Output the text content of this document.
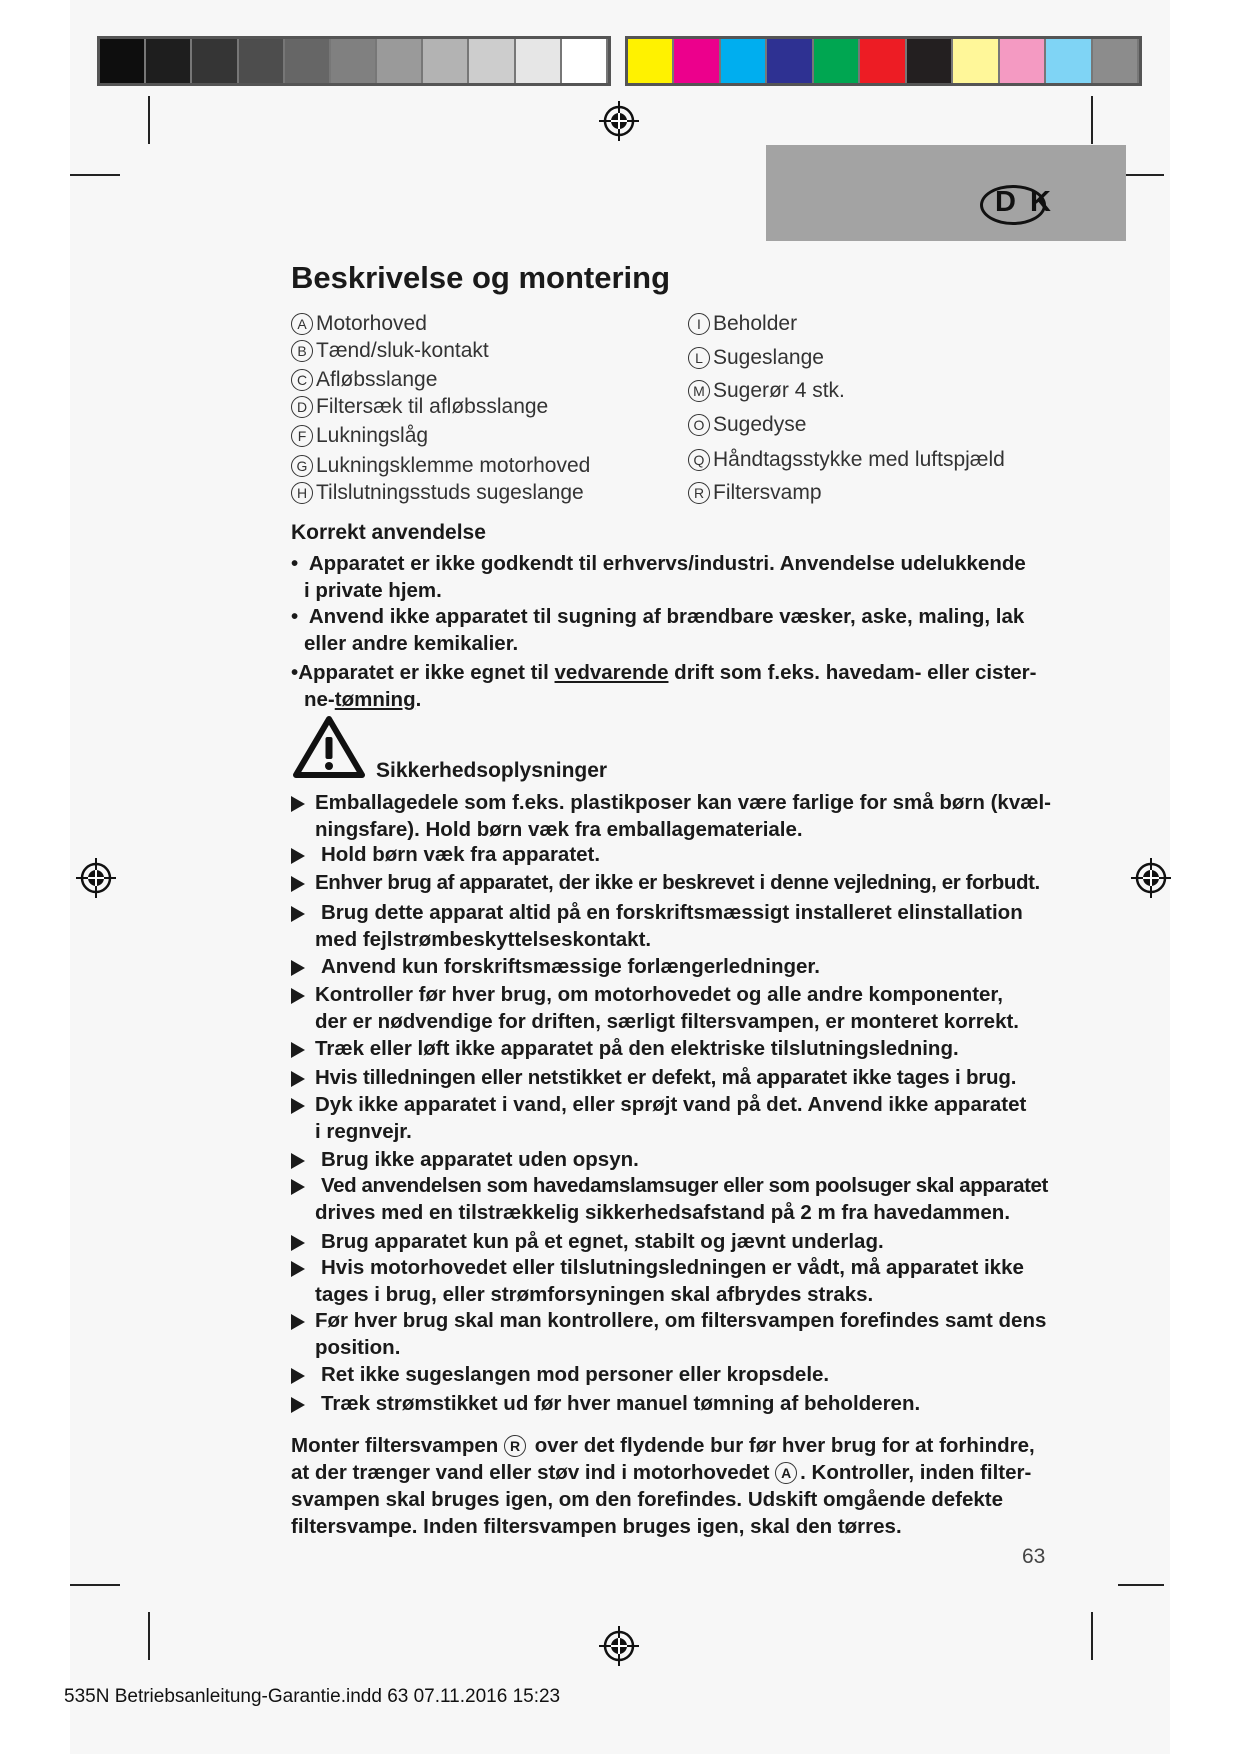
DK
Beskrivelse og montering
A Motorhoved
B Tænd/sluk-kontakt
C Afløbsslange
D Filtersæk til afløbsslange
F Lukningslåg
G Lukningsklemme motorhoved
H Tilslutningsstuds sugeslange
I Beholder
L Sugeslange
M Sugerør 4 stk.
O Sugedyse
Q Håndtagsstykke med luftspjæld
R Filtersvamp
Korrekt anvendelse
• Apparatet er ikke godkendt til erhvervs/industri. Anvendelse udelukkende
i private hjem.
• Anvend ikke apparatet til sugning af brændbare væsker, aske, maling, lak
eller andre kemikalier.
•Apparatet er ikke egnet til vedvarende drift som f.eks. havedam- eller cister-
ne-tømning.
Sikkerhedsoplysninger
Emballagedele som f.eks. plastikposer kan være farlige for små børn (kvæl-
ningsfare). Hold børn væk fra emballagemateriale.
Hold børn væk fra apparatet.
Enhver brug af apparatet, der ikke er beskrevet i denne vejledning, er forbudt.
Brug dette apparat altid på en forskriftsmæssigt installeret elinstallation
med fejlstrømbeskyttelseskontakt.
Anvend kun forskriftsmæssige forlængerledninger.
Kontroller før hver brug, om motorhovedet og alle andre komponenter,
der er nødvendige for driften, særligt filtersvampen, er monteret korrekt.
Træk eller løft ikke apparatet på den elektriske tilslutningsledning.
Hvis tilledningen eller netstikket er defekt, må apparatet ikke tages i brug.
Dyk ikke apparatet i vand, eller sprøjt vand på det. Anvend ikke apparatet
i regnvejr.
Brug ikke apparatet uden opsyn.
Ved anvendelsen som havedamslamsuger eller som poolsuger skal apparatet
drives med en tilstrækkelig sikkerhedsafstand på 2 m fra havedammen.
Brug apparatet kun på et egnet, stabilt og jævnt underlag.
Hvis motorhovedet eller tilslutningsledningen er vådt, må apparatet ikke
tages i brug, eller strømforsyningen skal afbrydes straks.
Før hver brug skal man kontrollere, om filtersvampen forefindes samt dens
position.
Ret ikke sugeslangen mod personer eller kropsdele.
Træk strømstikket ud før hver manuel tømning af beholderen.
Monter filtersvampen R over det flydende bur før hver brug for at forhindre,
at der trænger vand eller støv ind i motorhovedet A . Kontroller, inden filter-
svampen skal bruges igen, om den forefindes. Udskift omgående defekte
filtersvampe. Inden filtersvampen bruges igen, skal den tørres.
63
535N Betriebsanleitung-Garantie.indd 63 07.11.2016 15:23
